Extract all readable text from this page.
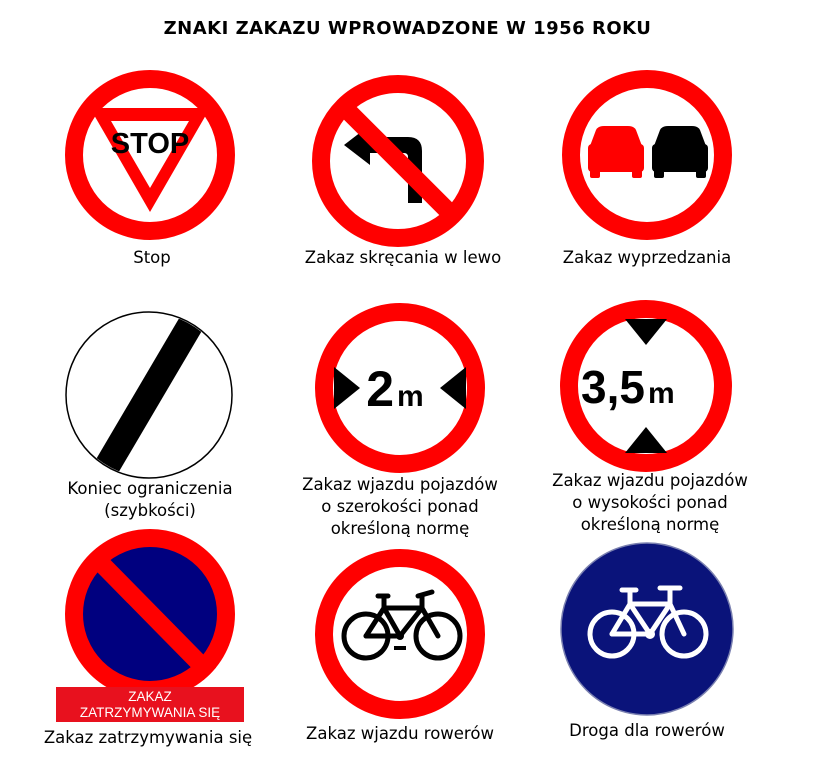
ZNAKI ZAKAZU WPROWADZONE W 1956 ROKU
STOP
Stop	Zakaz skręcania w lewo	Zakaz wyprzedzania
Koniec ograniczenia
(szybkości)
2 m
Zakaz wjazdu pojazdów
o szerokości ponad
określoną normę
3,5 m
Zakaz wjazdu pojazdów
o wysokości ponad
określoną normę
ZAKAZ
ZATRZYMYWANIA SIĘ
Zakaz zatrzymywania się	Zakaz wjazdu rowerów	Droga dla rowerów
